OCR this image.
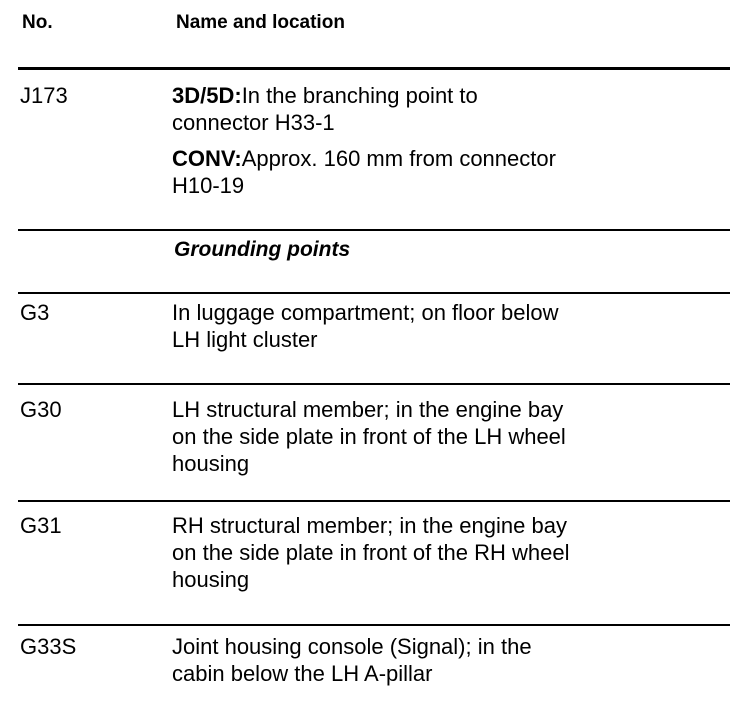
No.	Name and location
J173	3D/5D:In the branching point to
connector H33-1
CONV:Approx. 160 mm from connector
H10-19
Grounding points
G3	In luggage compartment; on floor below
LH light cluster
G30	LH structural member; in the engine bay
on the side plate in front of the LH wheel
housing
G31	RH structural member; in the engine bay
on the side plate in front of the RH wheel
housing
G33S	Joint housing console (Signal); in the
cabin below the LH A-pillar
